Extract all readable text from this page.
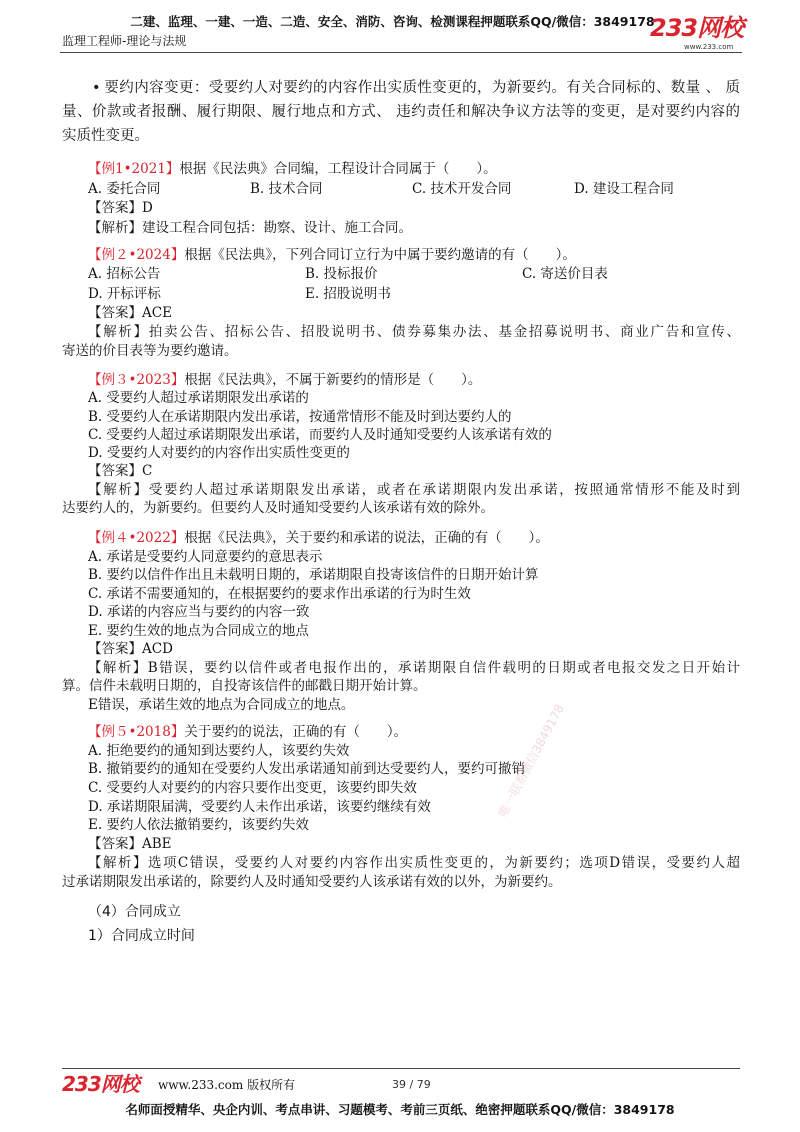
二建、监理、一建、一造、二造、安全、消防、咨询、检测课程押题联系QQ/微信：3849178
监理工程师-理论与法规	233网校
www.233.com
• 要约内容变更：受要约人对要约的内容作出实质性变更的，为新要约。有关合同标的、数量 、 质
量、价款或者报酬、履行期限、履行地点和方式、 违约责任和解决争议方法等的变更，是对要约内容的
实质性变更。
【例1•2021】根据《民法典》合同编，工程设计合同属于（　　）。
A. 委托合同	B. 技术合同	C. 技术开发合同	D. 建设工程合同
【答案】D
【解析】建设工程合同包括：勘察、设计、施工合同。
【例２•2024】根据《民法典》，下列合同订立行为中属于要约邀请的有（　　）。
A. 招标公告	B. 投标报价	C. 寄送价目表
D. 开标评标	E. 招股说明书
【答案】ACE
【解析】拍卖公告、招标公告、招股说明书、债券募集办法、基金招募说明书、商业广告和宣传、
寄送的价目表等为要约邀请。
【例３•2023】根据《民法典》，不属于新要约的情形是（　　）。
A. 受要约人超过承诺期限发出承诺的
B. 受要约人在承诺期限内发出承诺，按通常情形不能及时到达要约人的
C. 受要约人超过承诺期限发出承诺，而要约人及时通知受要约人该承诺有效的
D. 受要约人对要约的内容作出实质性变更的
【答案】C
【解析】受要约人超过承诺期限发出承诺，或者在承诺期限内发出承诺，按照通常情形不能及时到
达要约人的，为新要约。但要约人及时通知受要约人该承诺有效的除外。
【例４•2022】根据《民法典》，关于要约和承诺的说法，正确的有（　　）。
A. 承诺是受要约人同意要约的意思表示
B. 要约以信件作出且未载明日期的，承诺期限自投寄该信件的日期开始计算
C. 承诺不需要通知的，在根据要约的要求作出承诺的行为时生效
D. 承诺的内容应当与要约的内容一致
E. 要约生效的地点为合同成立的地点
【答案】ACD
【解析】B错误，要约以信件或者电报作出的，承诺期限自信件载明的日期或者电报交发之日开始计
算。信件未载明日期的，自投寄该信件的邮戳日期开始计算。
E错误，承诺生效的地点为合同成立的地点。
【例５•2018】关于要约的说法，正确的有（　　）。
A. 拒绝要约的通知到达要约人，该要约失效
B. 撤销要约的通知在受要约人发出承诺通知前到达受要约人，要约可撤销
C. 受要约人对要约的内容只要作出变更，该要约即失效
D. 承诺期限届满，受要约人未作出承诺，该要约继续有效
E. 要约人依法撤销要约，该要约失效
【答案】ABE
【解析】选项C错误，受要约人对要约内容作出实质性变更的，为新要约；选项D错误，受要约人超
过承诺期限发出承诺的，除要约人及时通知受要约人该承诺有效的以外，为新要约。
（4）合同成立
1）合同成立时间
唯一联系微信3849178
233网校 www.233.com 版权所有	39 / 79
名师面授精华、央企内训、考点串讲、习题模考、考前三页纸、绝密押题联系QQ/微信：3849178
